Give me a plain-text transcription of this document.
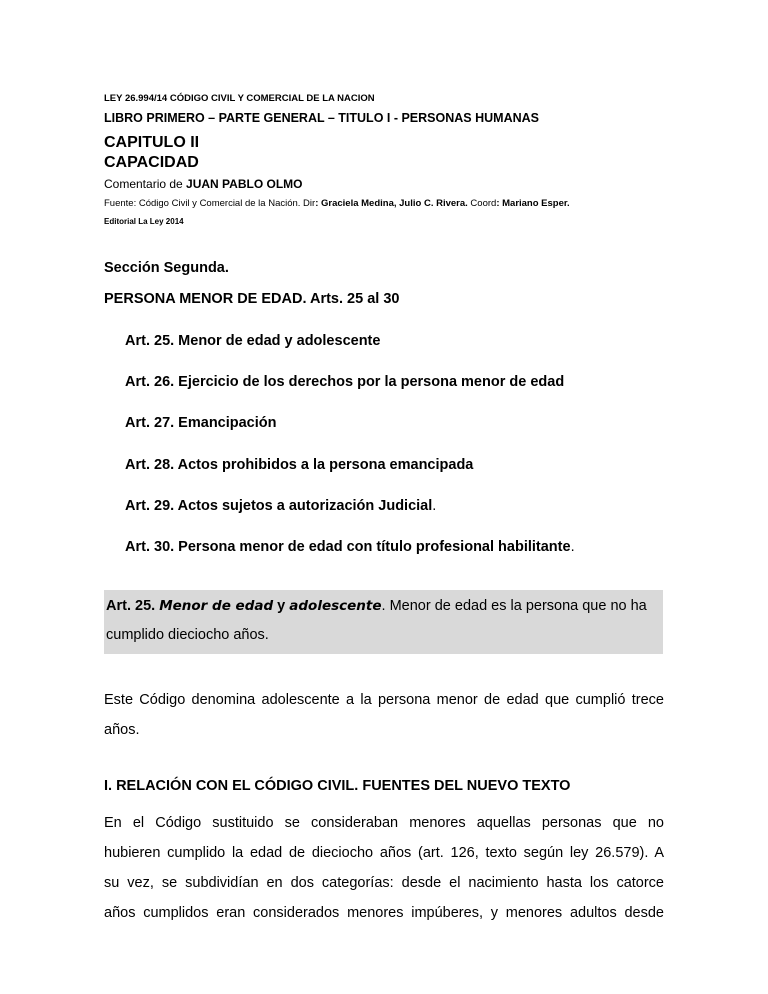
LEY 26.994/14 CÓDIGO CIVIL Y COMERCIAL DE LA NACION
LIBRO PRIMERO – PARTE GENERAL – TITULO I - PERSONAS HUMANAS
CAPITULO II
CAPACIDAD
Comentario de JUAN PABLO OLMO
Fuente: Código Civil y Comercial de la Nación. Dir: Graciela Medina, Julio C. Rivera. Coord: Mariano Esper.
Editorial La Ley 2014
Sección Segunda.
PERSONA MENOR DE EDAD. Arts. 25 al 30
Art. 25. Menor de edad y adolescente
Art. 26. Ejercicio de los derechos por la persona menor de edad
Art. 27. Emancipación
Art. 28. Actos prohibidos a la persona emancipada
Art. 29. Actos sujetos a autorización Judicial.
Art. 30. Persona menor de edad con título profesional habilitante.
Art. 25. Menor de edad y adolescente. Menor de edad es la persona que no ha
cumplido dieciocho años.
Este Código denomina adolescente a la persona menor de edad que cumplió trece
años.
I. RELACIÓN CON EL CÓDIGO CIVIL. FUENTES DEL NUEVO TEXTO
En el Código sustituido se consideraban menores aquellas personas que no
hubieren cumplido la edad de dieciocho años (art. 126, texto según ley 26.579). A
su vez, se subdividían en dos categorías: desde el nacimiento hasta los catorce
años cumplidos eran considerados menores impúberes, y menores adultos desde
